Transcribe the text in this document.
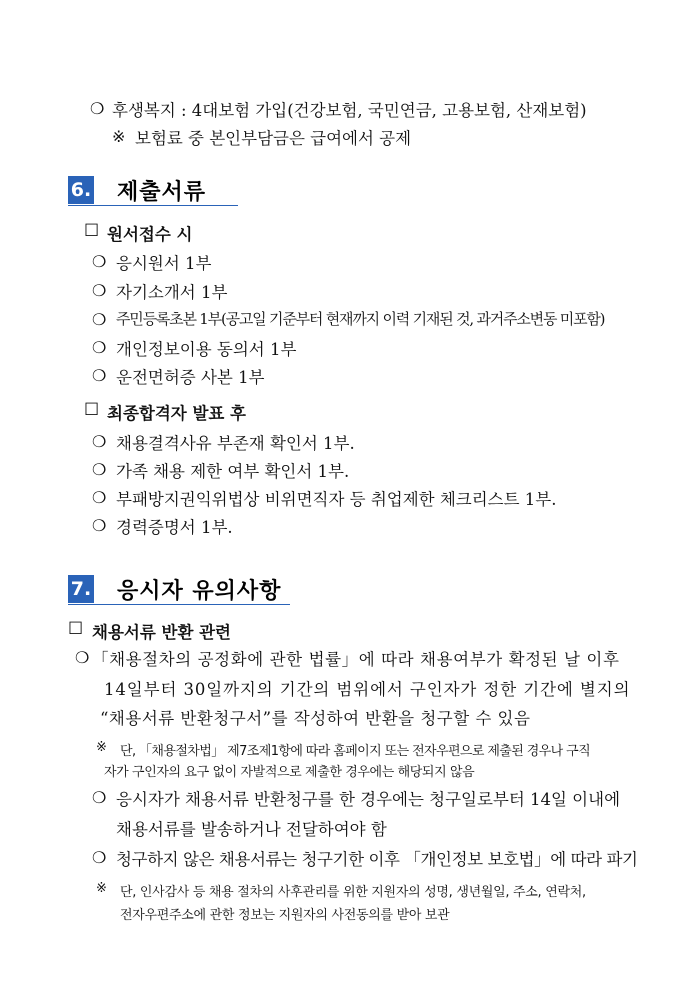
❍ 후생복지 : 4대보험 가입(건강보험, 국민연금, 고용보험, 산재보험)
※ 보험료 중 본인부담금은 급여에서 공제
6. 제출서류
☐ 원서접수 시
❍ 응시원서 1부
❍ 자기소개서 1부
❍ 주민등록초본 1부(공고일 기준부터 현재까지 이력 기재된 것, 과거주소변동 미포함)
❍ 개인정보이용 동의서 1부
❍ 운전면허증 사본 1부
☐ 최종합격자 발표 후
❍ 채용결격사유 부존재 확인서 1부.
❍ 가족 채용 제한 여부 확인서 1부.
❍ 부패방지권익위법상 비위면직자 등 취업제한 체크리스트 1부.
❍ 경력증명서 1부.
7. 응시자 유의사항
☐ 채용서류 반환 관련
❍ 「채용절차의 공정화에 관한 법률」에 따라 채용여부가 확정된 날 이후
14일부터 30일까지의 기간의 범위에서 구인자가 정한 기간에 별지의
“채용서류 반환청구서”를 작성하여 반환을 청구할 수 있음
※ 단, 「채용절차법」 제7조제1항에 따라 홈페이지 또는 전자우편으로 제출된 경우나 구직
자가 구인자의 요구 없이 자발적으로 제출한 경우에는 해당되지 않음
❍ 응시자가 채용서류 반환청구를 한 경우에는 청구일로부터 14일 이내에
채용서류를 발송하거나 전달하여야 함
❍ 청구하지 않은 채용서류는 청구기한 이후 「개인정보 보호법」에 따라 파기
※ 단, 인사감사 등 채용 절차의 사후관리를 위한 지원자의 성명, 생년월일, 주소, 연락처,
전자우편주소에 관한 정보는 지원자의 사전동의를 받아 보관
